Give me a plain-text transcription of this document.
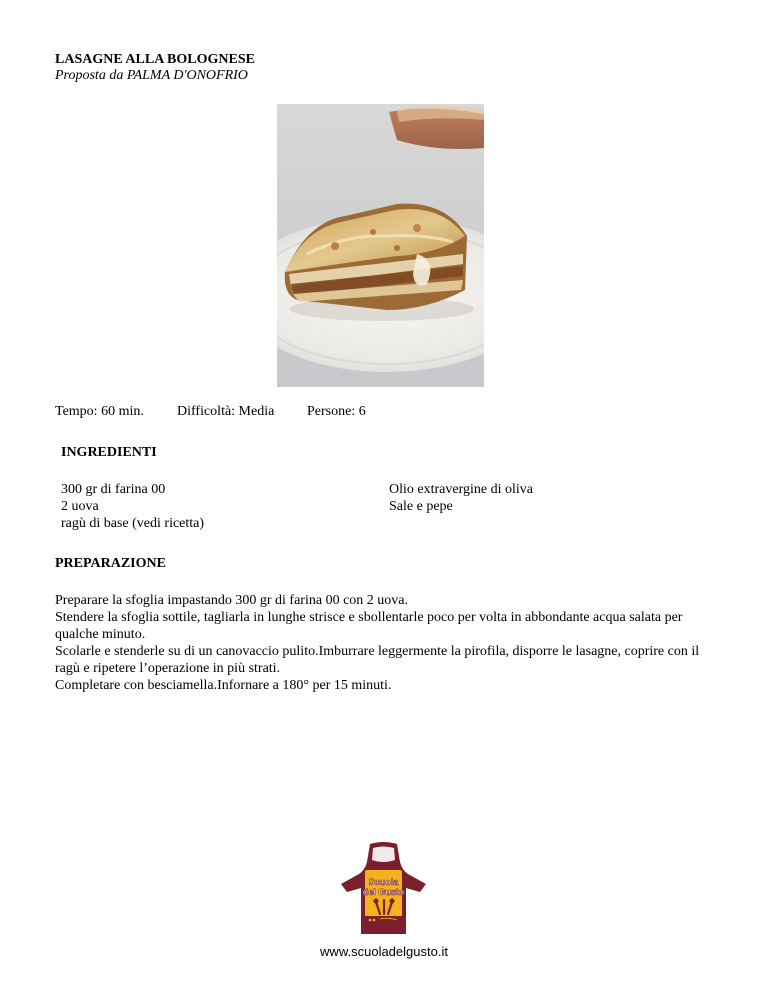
LASAGNE ALLA BOLOGNESE
Proposta da PALMA D'ONOFRIO
Tempo: 60 min. Difficoltà: Media Persone: 6
INGREDIENTI
300 gr di farina 00
2 uova
ragù di base (vedi ricetta)
Olio extravergine di oliva
Sale e pepe
PREPARAZIONE

Preparare la sfoglia impastando 300 gr di farina 00 con 2 uova.

Stendere la sfoglia sottile, tagliarla in lunghe strisce e sbollentarle poco per volta in abbondante acqua salata per qualche minuto.

Scolarle e stenderle su di un canovaccio pulito.Imburrare leggermente la pirofila, disporre le lasagne, coprire con il ragù e ripetere l’operazione in più strati.

Completare con besciamella.Infornare a 180° per 15 minuti.

Scuola
del Gusto
www.scuoladelgusto.it
